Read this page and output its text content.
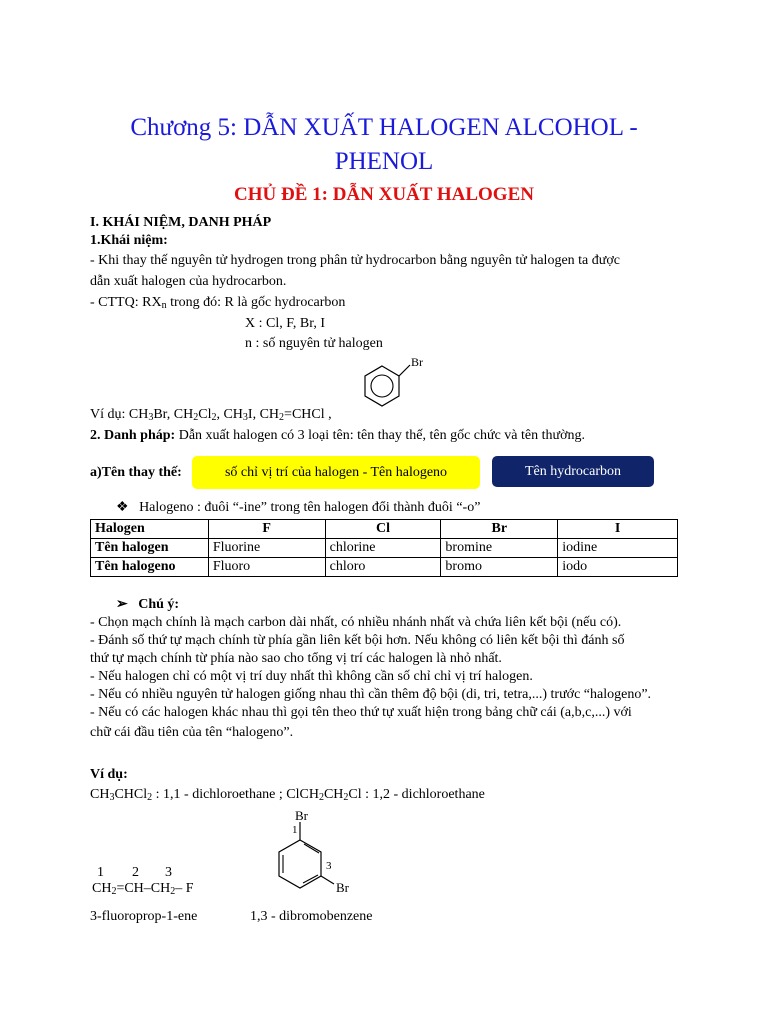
Chương 5: DẪN XUẤT HALOGEN ALCOHOL -
PHENOL
CHỦ ĐỀ 1: DẪN XUẤT HALOGEN
I. KHÁI NIỆM, DANH PHÁP
1.Khái niệm:
- Khi thay thế nguyên tử hydrogen trong phân tử hydrocarbon bằng nguyên tử halogen ta được
dẫn xuất halogen của hydrocarbon.
- CTTQ: $RX_n$ trong đó: R là gốc hydrocarbon
X : Cl, F, Br, I
n : số nguyên tử halogen
Br
Ví dụ: $CH_3Br$, $CH_2Cl_2$, $CH_3I$, $CH_2=CHCl$ ,
2. Danh pháp: Dẫn xuất halogen có 3 loại tên: tên thay thế, tên gốc chức và tên thường.
a)Tên thay thế:	số chỉ vị trí của halogen - Tên halogeno	Tên hydrocarbon
❖ Halogeno : đuôi “-ine” trong tên halogen đổi thành đuôi “-o”
Halogen	F	Cl	Br	I
Tên halogen	Fluorine	chlorine	bromine	iodine
Tên halogeno	Fluoro	chloro	bromo	iodo
➢ Chú ý:
- Chọn mạch chính là mạch carbon dài nhất, có nhiều nhánh nhất và chứa liên kết bội (nếu có).
- Đánh số thứ tự mạch chính từ phía gần liên kết bội hơn. Nếu không có liên kết bội thì đánh số
thứ tự mạch chính từ phía nào sao cho tổng vị trí các halogen là nhỏ nhất.
- Nếu halogen chỉ có một vị trí duy nhất thì không cần số chỉ chỉ vị trí halogen.
- Nếu có nhiều nguyên tử halogen giống nhau thì cần thêm độ bội (di, tri, tetra,...) trước “halogeno”.
- Nếu có các halogen khác nhau thì gọi tên theo thứ tự xuất hiện trong bảng chữ cái (a,b,c,...) với
chữ cái đầu tiên của tên “halogeno”.
Ví dụ:
$CH_3CHCl_2$ : 1,1 - dichloroethane ; $ClCH_2CH_2Cl$ : 1,2 - dichloroethane
1 2 3
$CH_2=CH-CH_2-$ F
3-fluoroprop-1-ene
Br
1
3
Br
1,3 - dibromobenzene
